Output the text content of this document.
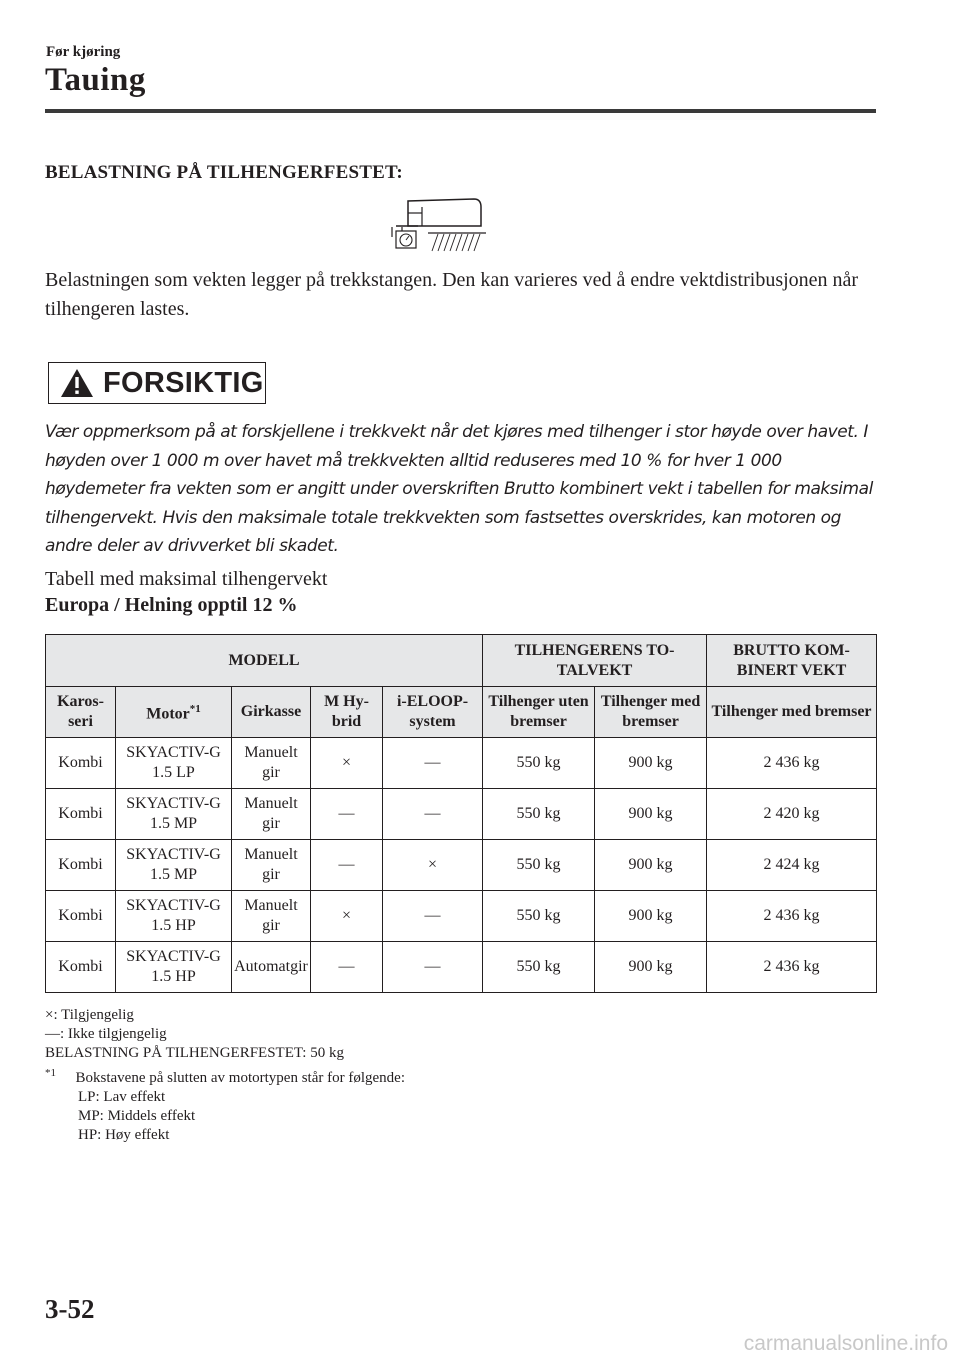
Før kjøring
Tauing
BELASTNING PÅ TILHENGERFESTET:
Belastningen som vekten legger på trekkstangen. Den kan varieres ved å endre vektdistribusjonen når tilhengeren lastes.
FORSIKTIG
Vær oppmerksom på at forskjellene i trekkvekt når det kjøres med tilhenger i stor høyde over havet. I høyden over 1 000 m over havet må trekkvekten alltid reduseres med 10 % for hver 1 000 høydemeter fra vekten som er angitt under overskriften Brutto kombinert vekt i tabellen for maksimal tilhengervekt. Hvis den maksimale totale trekkvekten som fastsettes overskrides, kan motoren og andre deler av drivverket bli skadet.
Tabell med maksimal tilhengervekt
Europa / Helning opptil 12 %
MODELL					TILHENGERENS TOTALVEKT		BRUTTO KOMBINERT VEKT
Karosseri	Motor$^{*1}$	Girkasse	M Hybrid	i-ELOOP-system	Tilhenger uten bremser	Tilhenger med bremser	Tilhenger med bremser
Kombi	SKYACTIV-G 1.5 LP	Manuelt gir	×	—	550 kg	900 kg	2 436 kg
Kombi	SKYACTIV-G 1.5 MP	Manuelt gir	—	—	550 kg	900 kg	2 420 kg
Kombi	SKYACTIV-G 1.5 MP	Manuelt gir	—	×	550 kg	900 kg	2 424 kg
Kombi	SKYACTIV-G 1.5 HP	Manuelt gir	×	—	550 kg	900 kg	2 436 kg
Kombi	SKYACTIV-G 1.5 HP	Automatgir	—	—	550 kg	900 kg	2 436 kg
×: Tilgjengelig
—: Ikke tilgjengelig
BELASTNING PÅ TILHENGERFESTET: 50 kg
$^{*1}$ Bokstavene på slutten av motortypen står for følgende:
LP: Lav effekt
MP: Middels effekt
HP: Høy effekt
3-52
carmanualsonline.info
